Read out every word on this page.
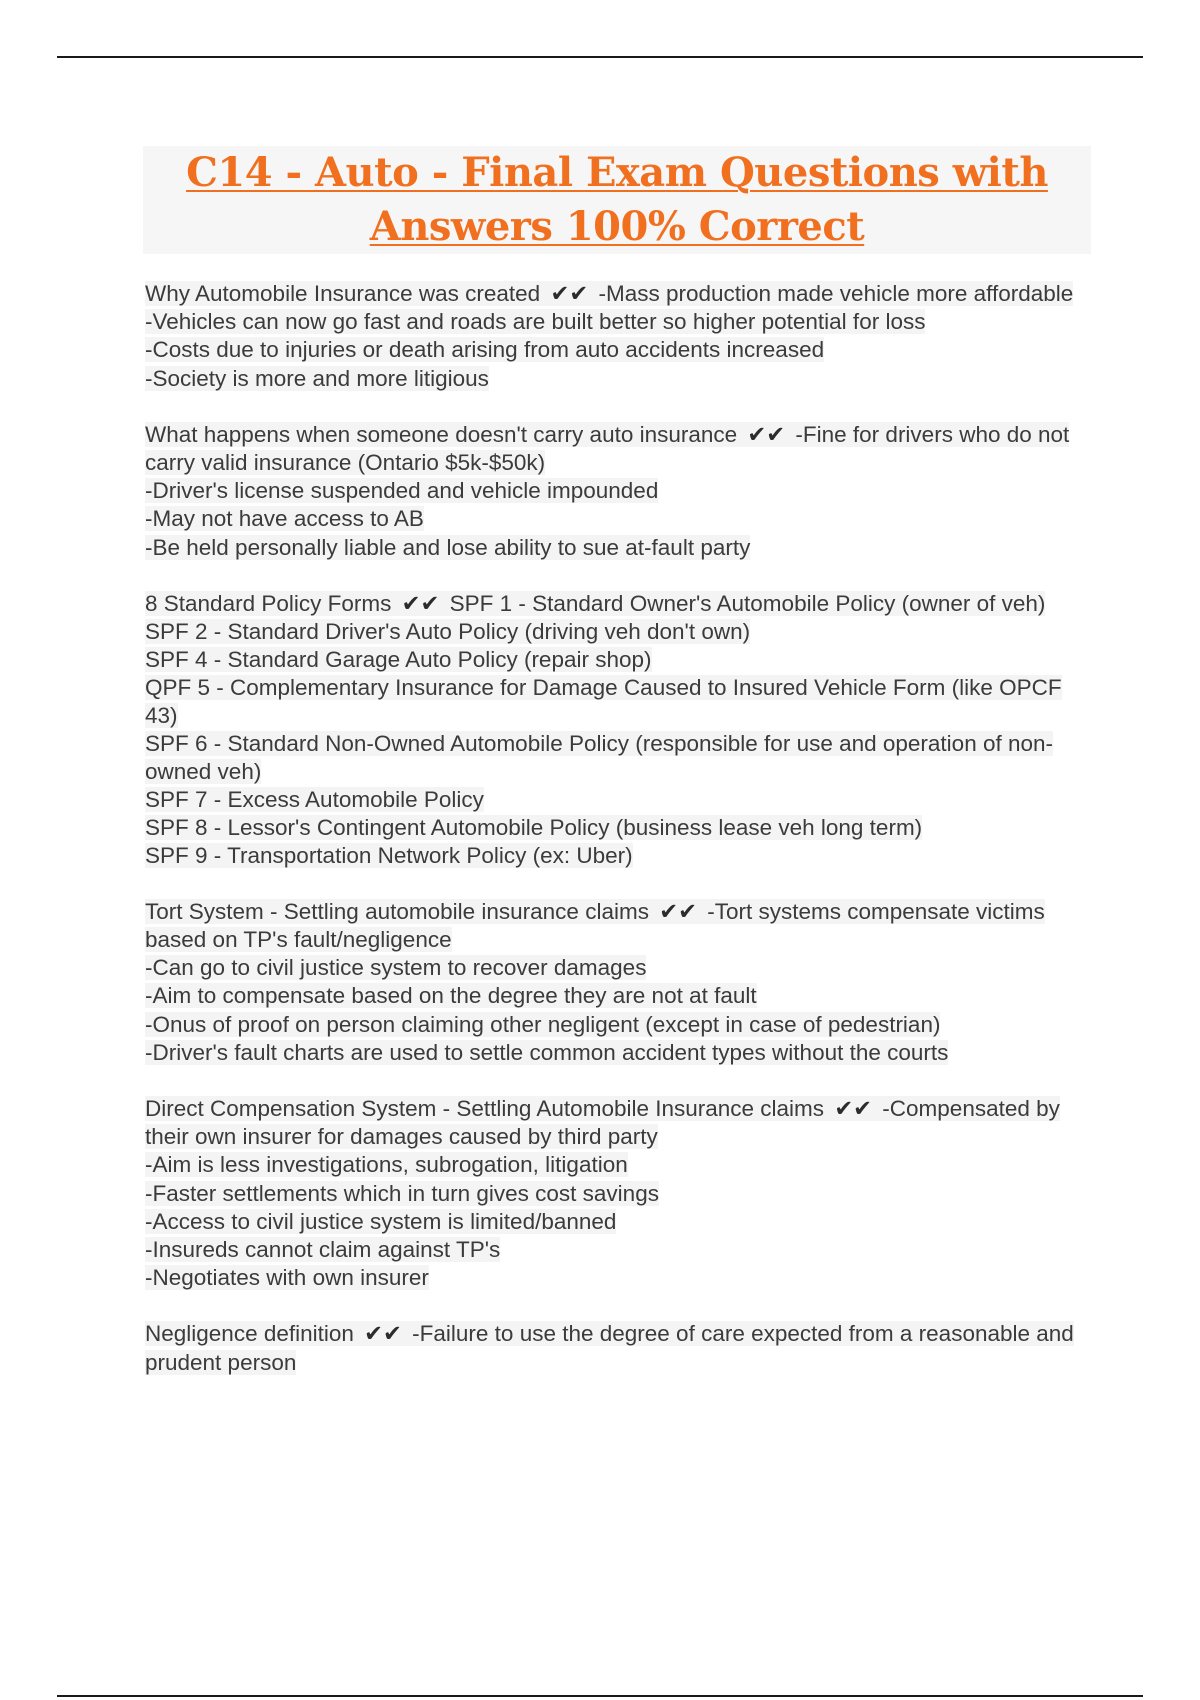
C14 - Auto - Final Exam Questions with Answers 100% Correct
Why Automobile Insurance was created ✔✔ -Mass production made vehicle more affordable
-Vehicles can now go fast and roads are built better so higher potential for loss
-Costs due to injuries or death arising from auto accidents increased
-Society is more and more litigious
What happens when someone doesn't carry auto insurance ✔✔ -Fine for drivers who do not carry valid insurance (Ontario $5k-$50k)
-Driver's license suspended and vehicle impounded
-May not have access to AB
-Be held personally liable and lose ability to sue at-fault party
8 Standard Policy Forms ✔✔ SPF 1 - Standard Owner's Automobile Policy (owner of veh)
SPF 2 - Standard Driver's Auto Policy (driving veh don't own)
SPF 4 - Standard Garage Auto Policy (repair shop)
QPF 5 - Complementary Insurance for Damage Caused to Insured Vehicle Form (like OPCF 43)
SPF 6 - Standard Non-Owned Automobile Policy (responsible for use and operation of non-owned veh)
SPF 7 - Excess Automobile Policy
SPF 8 - Lessor's Contingent Automobile Policy (business lease veh long term)
SPF 9 - Transportation Network Policy (ex: Uber)
Tort System - Settling automobile insurance claims ✔✔ -Tort systems compensate victims based on TP's fault/negligence
-Can go to civil justice system to recover damages
-Aim to compensate based on the degree they are not at fault
-Onus of proof on person claiming other negligent (except in case of pedestrian)
-Driver's fault charts are used to settle common accident types without the courts
Direct Compensation System - Settling Automobile Insurance claims ✔✔ -Compensated by their own insurer for damages caused by third party
-Aim is less investigations, subrogation, litigation
-Faster settlements which in turn gives cost savings
-Access to civil justice system is limited/banned
-Insureds cannot claim against TP's
-Negotiates with own insurer
Negligence definition ✔✔ -Failure to use the degree of care expected from a reasonable and prudent person
